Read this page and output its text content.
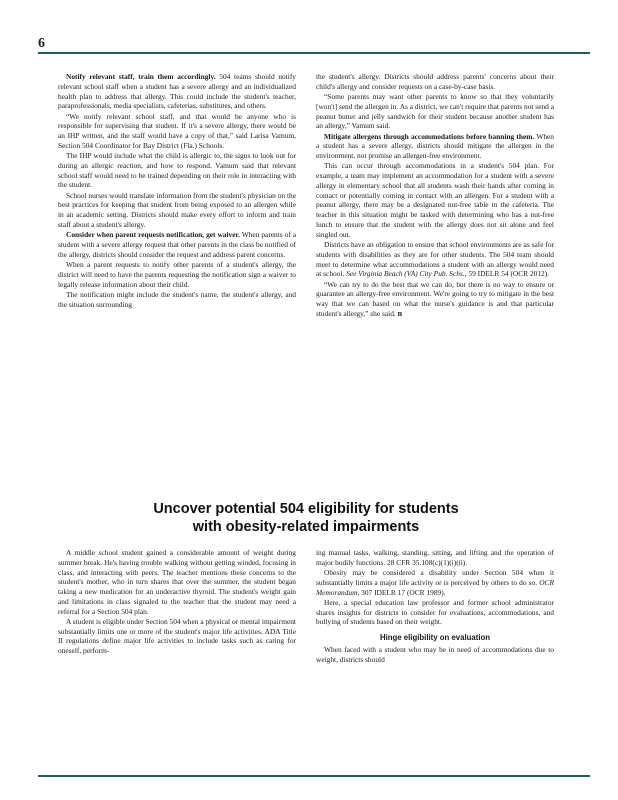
6

Notify relevant staff, train them accordingly. 504 teams should notify relevant school staff when a student has a severe allergy and an individualized health plan to address that allergy. This could include the student's teacher, paraprofessionals, media specialists, cafeterias, substitutes, and others.

“We notify relevant school staff, and that would be anyone who is responsible for supervising that student. If it's a severe allergy, there would be an IHP written, and the staff would have a copy of that,” said Larisa Vamum, Section 504 Coordinator for Bay District (Fla.) Schools.

The IHP would include what the child is allergic to, the signs to look out for during an allergic reaction, and how to respond. Vamum said that relevant school staff would need to be trained depending on their role in interacting with the student.

School nurses would translate information from the student's physician on the best practices for keeping that student from being exposed to an allergen while in an academic setting. Districts should make every effort to inform and train staff about a student's allergy.

Consider when parent requests notification, get waiver. When parents of a student with a severe allergy request that other parents in the class be notified of the allergy, districts should consider the request and address parent concerns.

When a parent requests to notify other parents of a student's allergy, the district will need to have the parents requesting the notification sign a waiver to legally release information about their child.

The notification might include the student's name, the student's allergy, and the situation surrounding

the student's allergy. Districts should address parents' concerns about their child's allergy and consider requests on a case-by-case basis.

“Some parents may want other parents to know so that they voluntarily [won't] send the allergen in. As a district, we can't require that parents not send a peanut butter and jelly sandwich for their student because another student has an allergy,” Vamum said.

Mitigate allergens through accommodations before banning them. When a student has a severe allergy, districts should mitigate the allergen in the environment, not promise an allergen-free environment.

This can occur through accommodations in a student's 504 plan. For example, a team may implement an accommodation for a student with a severe allergy in elementary school that all students wash their hands after coming in contact or potentially coming in contact with an allergen. For a student with a peanut allergy, there may be a designated nut-free table in the cafeteria. The teacher in this situation might be tasked with determining who has a nut-free lunch to ensure that the student with the allergy does not sit alone and feel singled out.

Districts have an obligation to ensure that school environments are as safe for students with disabilities as they are for other students. The 504 team should meet to determine what accommodations a student with an allergy would need at school. See Virginia Beach (VA) City Pub. Schs., 59 IDELR 54 (OCR 2012).

“We can try to do the best that we can do, but there is no way to ensure or guarantee an allergy-free environment. We're going to try to mitigate in the best way that we can based on what the nurse's guidance is and that particular student's allergy,” she said. n

Uncover potential 504 eligibility for students
with obesity-related impairments

A middle school student gained a considerable amount of weight during summer break. He's having trouble walking without getting winded, focusing in class, and interacting with peers. The teacher mentions these concerns to the student's mother, who in turn shares that over the summer, the student began taking a new medication for an underactive thyroid. The student's weight gain and limitations in class signaled to the teacher that the student may need a referral for a Section 504 plan.

A student is eligible under Section 504 when a physical or mental impairment substantially limits one or more of the student's major life activities. ADA Title II regulations define major life activities to include tasks such as caring for oneself, perform-

ing manual tasks, walking, standing, sitting, and lifting and the operation of major bodily functions. 28 CFR 35.108(c)(1)(i)(ii).

Obesity may be considered a disability under Section 504 when it substantially limits a major life activity or is perceived by others to do so. OCR Memorandum, 307 IDELR 17 (OCR 1989).

Here, a special education law professor and former school administrator shares insights for districts to consider for evaluations, accommodations, and bullying of students based on their weight.

Hinge eligibility on evaluation

When faced with a student who may be in need of accommodations due to weight, districts should
